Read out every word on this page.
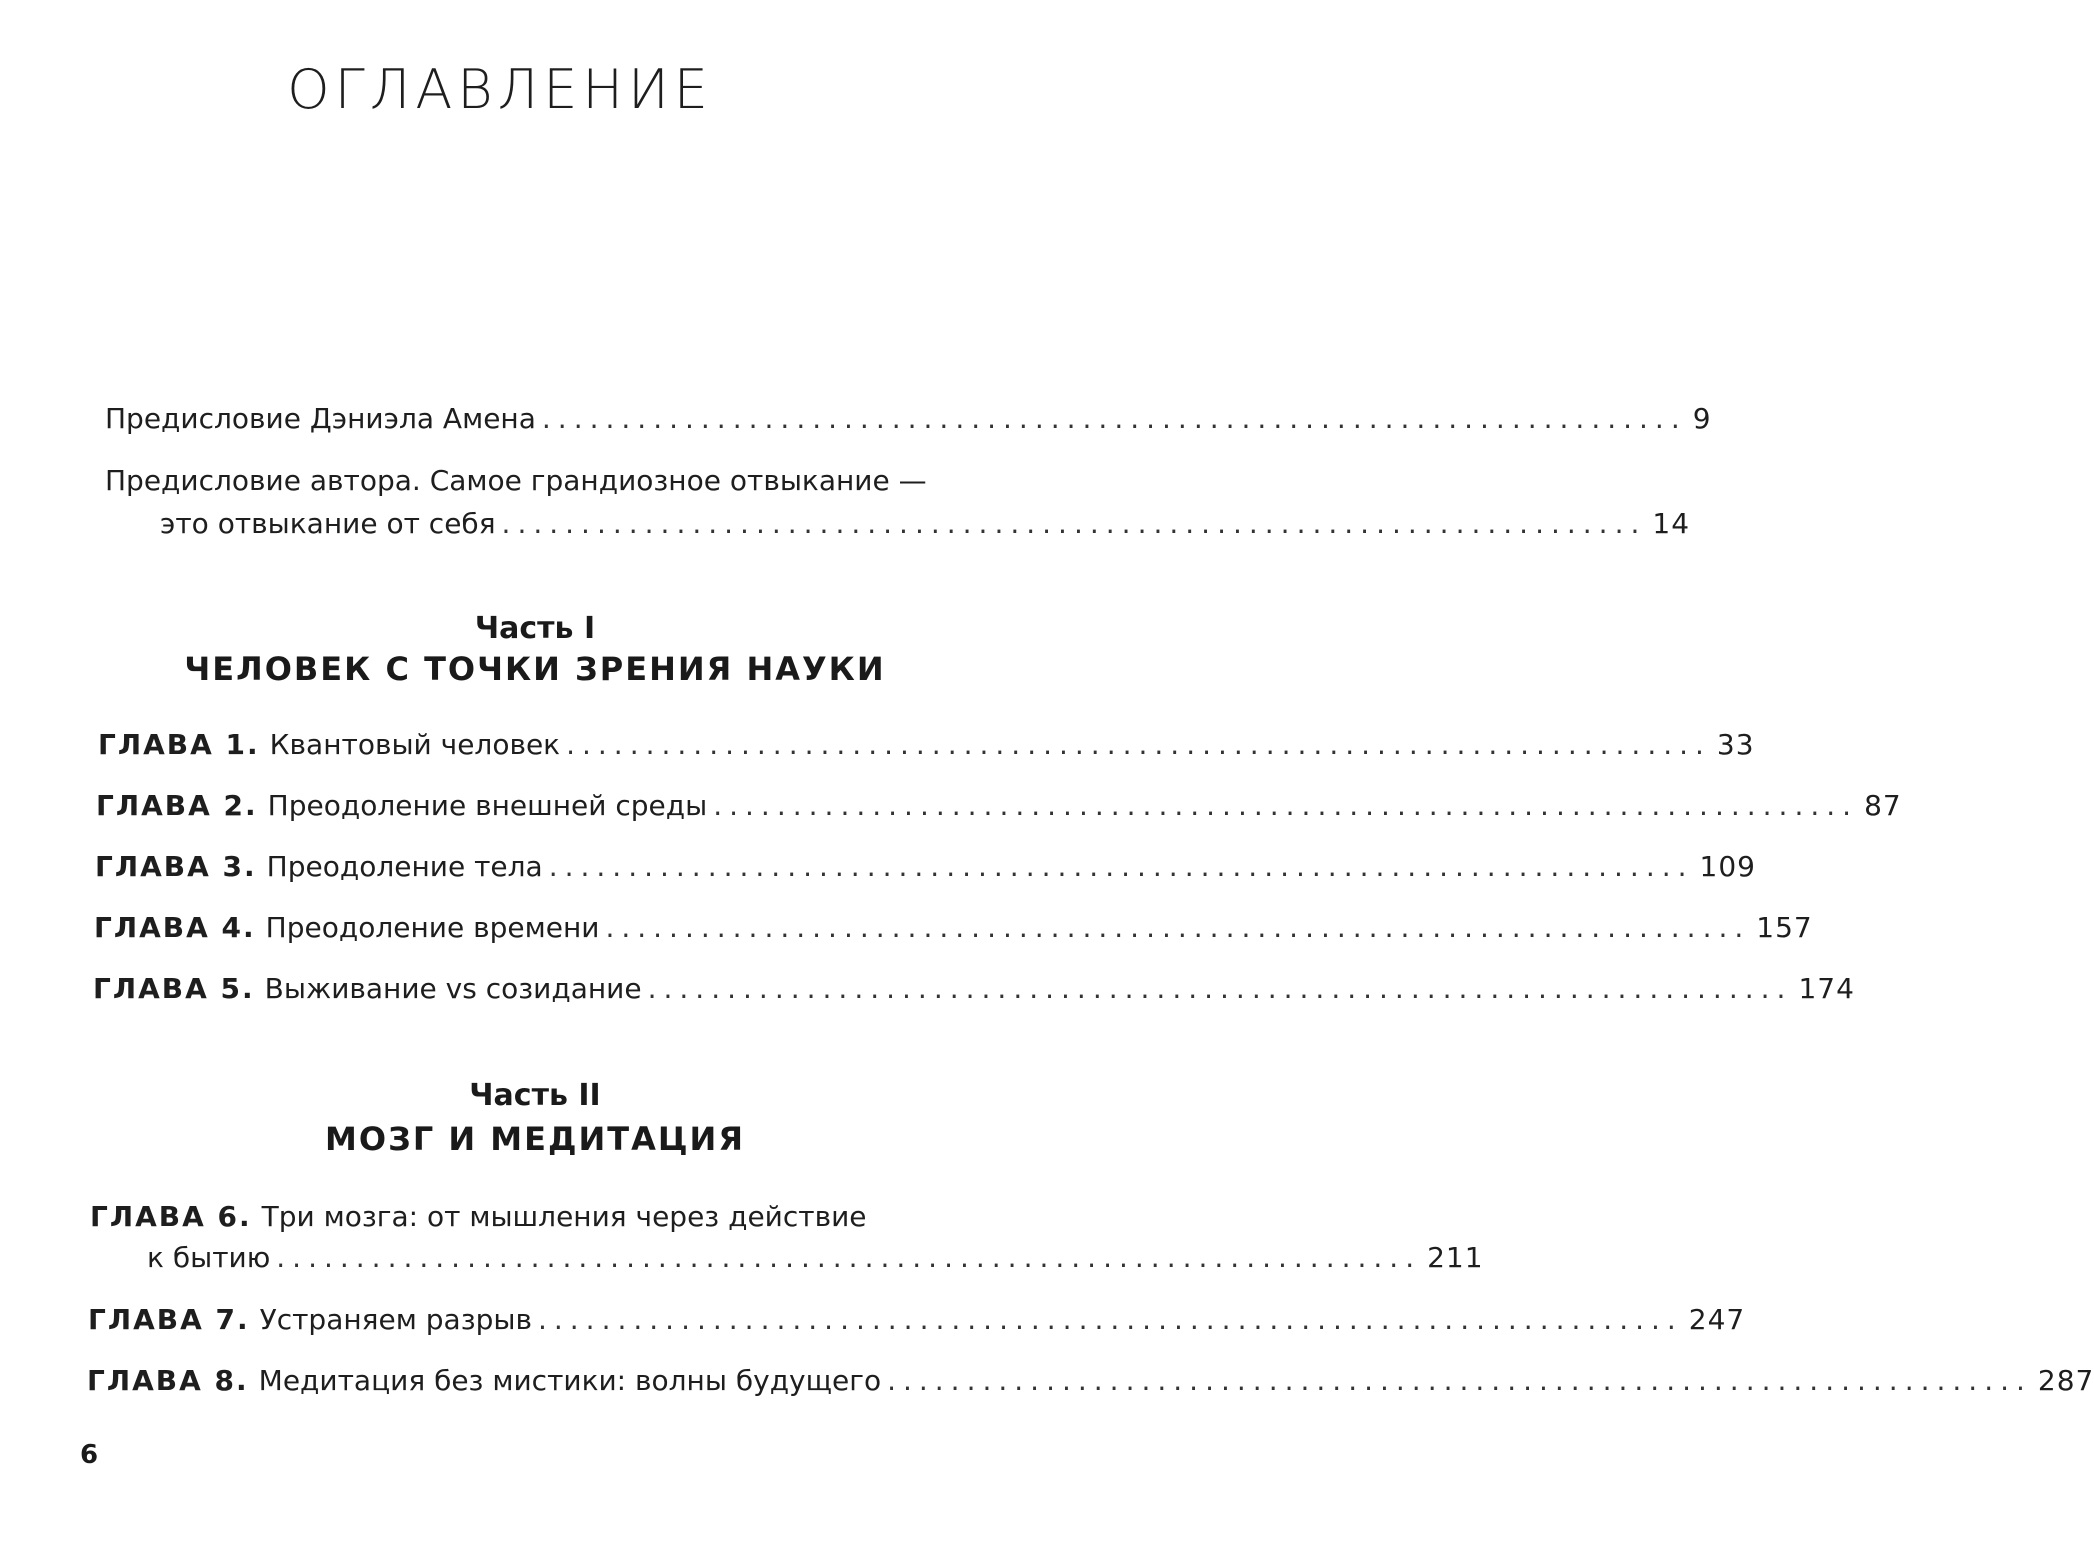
ОГЛАВЛЕНИЕ
Предисловие Дэниэла Амена ........................................................................ 9
Предисловие автора. Самое грандиозное отвыкание —
это отвыкание от себя ........................................................................ 14
Часть I
ЧЕЛОВЕК С ТОЧКИ ЗРЕНИЯ НАУКИ
ГЛАВА 1. Квантовый человек ........................................................................ 33
ГЛАВА 2. Преодоление внешней среды ........................................................................ 87
ГЛАВА 3. Преодоление тела ........................................................................ 109
ГЛАВА 4. Преодоление времени ........................................................................ 157
ГЛАВА 5. Выживание vs созидание ........................................................................ 174
Часть II
МОЗГ И МЕДИТАЦИЯ
ГЛАВА 6. Три мозга: от мышления через действие
к бытию ........................................................................ 211
ГЛАВА 7. Устраняем разрыв ........................................................................ 247
ГЛАВА 8. Медитация без мистики: волны будущего ........................................................................ 287
6
